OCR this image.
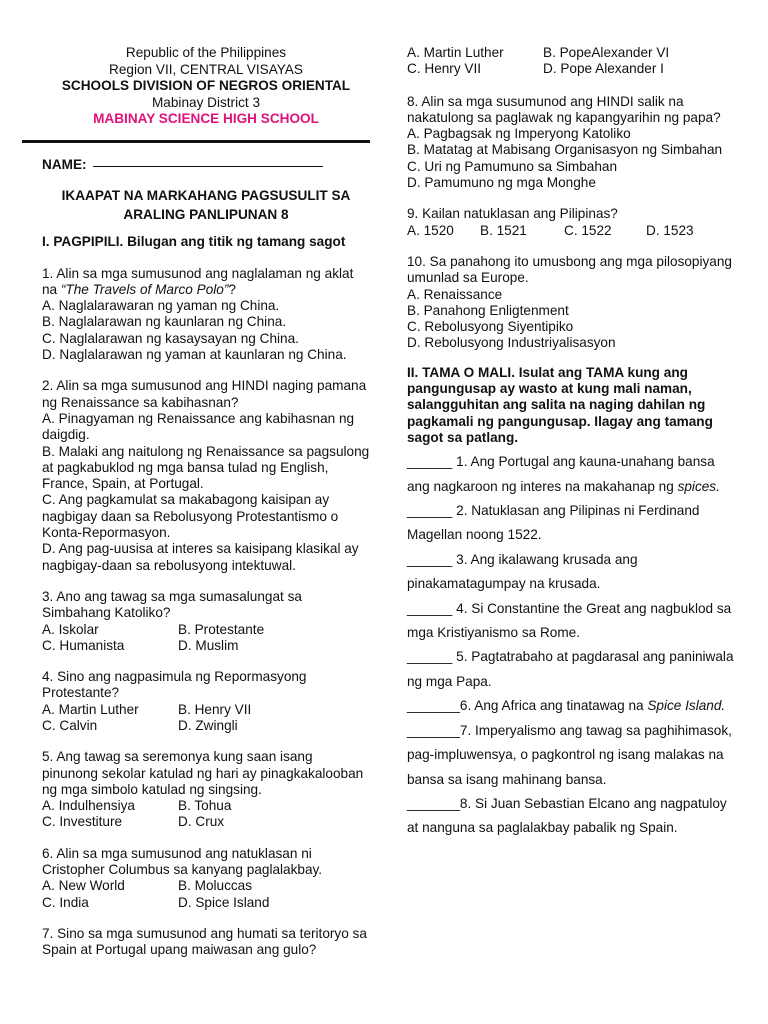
Republic of the Philippines
Region VII, CENTRAL VISAYAS
SCHOOLS DIVISION OF NEGROS ORIENTAL
Mabinay District 3
MABINAY SCIENCE HIGH SCHOOL
NAME:
IKAAPAT NA MARKAHANG PAGSUSULIT SA ARALING PANLIPUNAN 8
I. PAGPIPILI. Bilugan ang titik ng tamang sagot

1. Alin sa mga sumusunod ang naglalaman ng aklat na “The Travels of Marco Polo”?

A. Naglalarawaran ng yaman ng China.

B. Naglalarawan ng kaunlaran ng China.

C. Naglalarawan ng kasaysayan ng China.

D. Naglalarawan ng yaman at kaunlaran ng China.

2. Alin sa mga sumusunod ang HINDI naging pamana ng Renaissance sa kabihasnan?

A. Pinagyaman ng Renaissance ang kabihasnan ng daigdig.

B. Malaki ang naitulong ng Renaissance sa pagsulong at pagkabuklod ng mga bansa tulad ng English, France, Spain, at Portugal.

C. Ang pagkamulat sa makabagong kaisipan ay nagbigay daan sa Rebolusyong Protestantismo o Konta-Repormasyon.

D. Ang pag-uusisa at interes sa kaisipang klasikal ay nagbigay-daan sa rebolusyong intektuwal.

3. Ano ang tawag sa mga sumasalungat sa Simbahang Katoliko?

A. Iskolar	B. Protestante
C. Humanista	D. Muslim

4. Sino ang nagpasimula ng Repormasyong Protestante?

A. Martin Luther	B. Henry VII
C. Calvin	D. Zwingli

5. Ang tawag sa seremonya kung saan isang pinunong sekolar katulad ng hari ay pinagkakalooban ng mga simbolo katulad ng singsing.

A. Indulhensiya	B. Tohua
C. Investiture	D. Crux

6. Alin sa mga sumusunod ang natuklasan ni Cristopher Columbus sa kanyang paglalakbay.

A. New World	B. Moluccas
C. India	D. Spice Island

7. Sino sa mga sumusunod ang humati sa teritoryo sa Spain at Portugal upang maiwasan ang gulo?

A. Martin Luther	B. PopeAlexander VI
C. Henry VII	D. Pope Alexander I

8. Alin sa mga susumunod ang HINDI salik na nakatulong sa paglawak ng kapangyarihin ng papa?

A. Pagbagsak ng Imperyong Katoliko

B. Matatag at Mabisang Organisasyon ng Simbahan

C. Uri ng Pamumuno sa Simbahan

D. Pamumuno ng mga Monghe

9. Kailan natuklasan ang Pilipinas?

A. 1520	B. 1521	C. 1522	D. 1523

10. Sa panahong ito umusbong ang mga pilosopiyang umunlad sa Europe.

A. Renaissance

B. Panahong Enligtenment

C. Rebolusyong Siyentipiko

D. Rebolusyong Industriyalisasyon

II. TAMA O MALI. Isulat ang TAMA kung ang pangungusap ay wasto at kung mali naman, salangguhitan ang salita na naging dahilan ng pagkamali ng pangungusap. Ilagay ang tamang sagot sa patlang.

______ 1. Ang Portugal ang kauna-unahang bansa ang nagkaroon ng interes na makahanap ng spices.

______ 2. Natuklasan ang Pilipinas ni Ferdinand Magellan noong 1522.

______ 3. Ang ikalawang krusada ang pinakamatagumpay na krusada.

______ 4. Si Constantine the Great ang nagbuklod sa mga Kristiyanismo sa Rome.

______ 5. Pagtatrabaho at pagdarasal ang paniniwala ng mga Papa.

_______6. Ang Africa ang tinatawag na Spice Island.

_______7. Imperyalismo ang tawag sa paghihimasok, pag-impluwensya, o pagkontrol ng isang malakas na bansa sa isang mahinang bansa.

_______8. Si Juan Sebastian Elcano ang nagpatuloy at nanguna sa paglalakbay pabalik ng Spain.
